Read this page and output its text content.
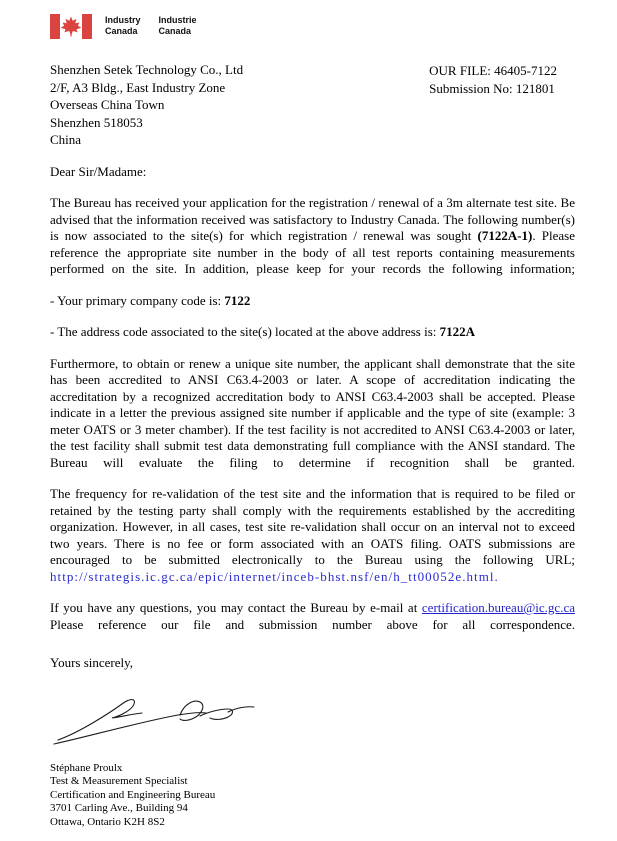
Industry
Canada
Industrie
Canada
Shenzhen Setek Technology Co., Ltd
2/F, A3 Bldg., East Industry Zone
Overseas China Town
Shenzhen 518053
China
OUR FILE: 46405-7122
Submission No: 121801

Dear Sir/Madame:

The Bureau has received your application for the registration / renewal of a 3m alternate test site. Be advised that the information received was satisfactory to Industry Canada. The following number(s) is now associated to the site(s) for which registration / renewal was sought (7122A-1). Please reference the appropriate site number in the body of all test reports containing measurements performed on the site. In addition, please keep for your records the following information;

- Your primary company code is: 7122

- The address code associated to the site(s) located at the above address is: 7122A

Furthermore, to obtain or renew a unique site number, the applicant shall demonstrate that the site has been accredited to ANSI C63.4-2003 or later. A scope of accreditation indicating the accreditation by a recognized accreditation body to ANSI C63.4-2003 shall be accepted. Please indicate in a letter the previous assigned site number if applicable and the type of site (example: 3 meter OATS or 3 meter chamber). If the test facility is not accredited to ANSI C63.4-2003 or later, the test facility shall submit test data demonstrating full compliance with the ANSI standard. The Bureau will evaluate the filing to determine if recognition shall be granted.

The frequency for re-validation of the test site and the information that is required to be filed or retained by the testing party shall comply with the requirements established by the accrediting organization. However, in all cases, test site re-validation shall occur on an interval not to exceed two years. There is no fee or form associated with an OATS filing. OATS submissions are encouraged to be submitted electronically to the Bureau using the following URL;
http://strategis.ic.gc.ca/epic/internet/inceb-bhst.nsf/en/h_tt00052e.html.

If you have any questions, you may contact the Bureau by e-mail at certification.bureau@ic.gc.ca Please reference our file and submission number above for all correspondence.

Yours sincerely,

Stéphane Proulx
Test & Measurement Specialist
Certification and Engineering Bureau
3701 Carling Ave., Building 94
Ottawa, Ontario K2H 8S2
